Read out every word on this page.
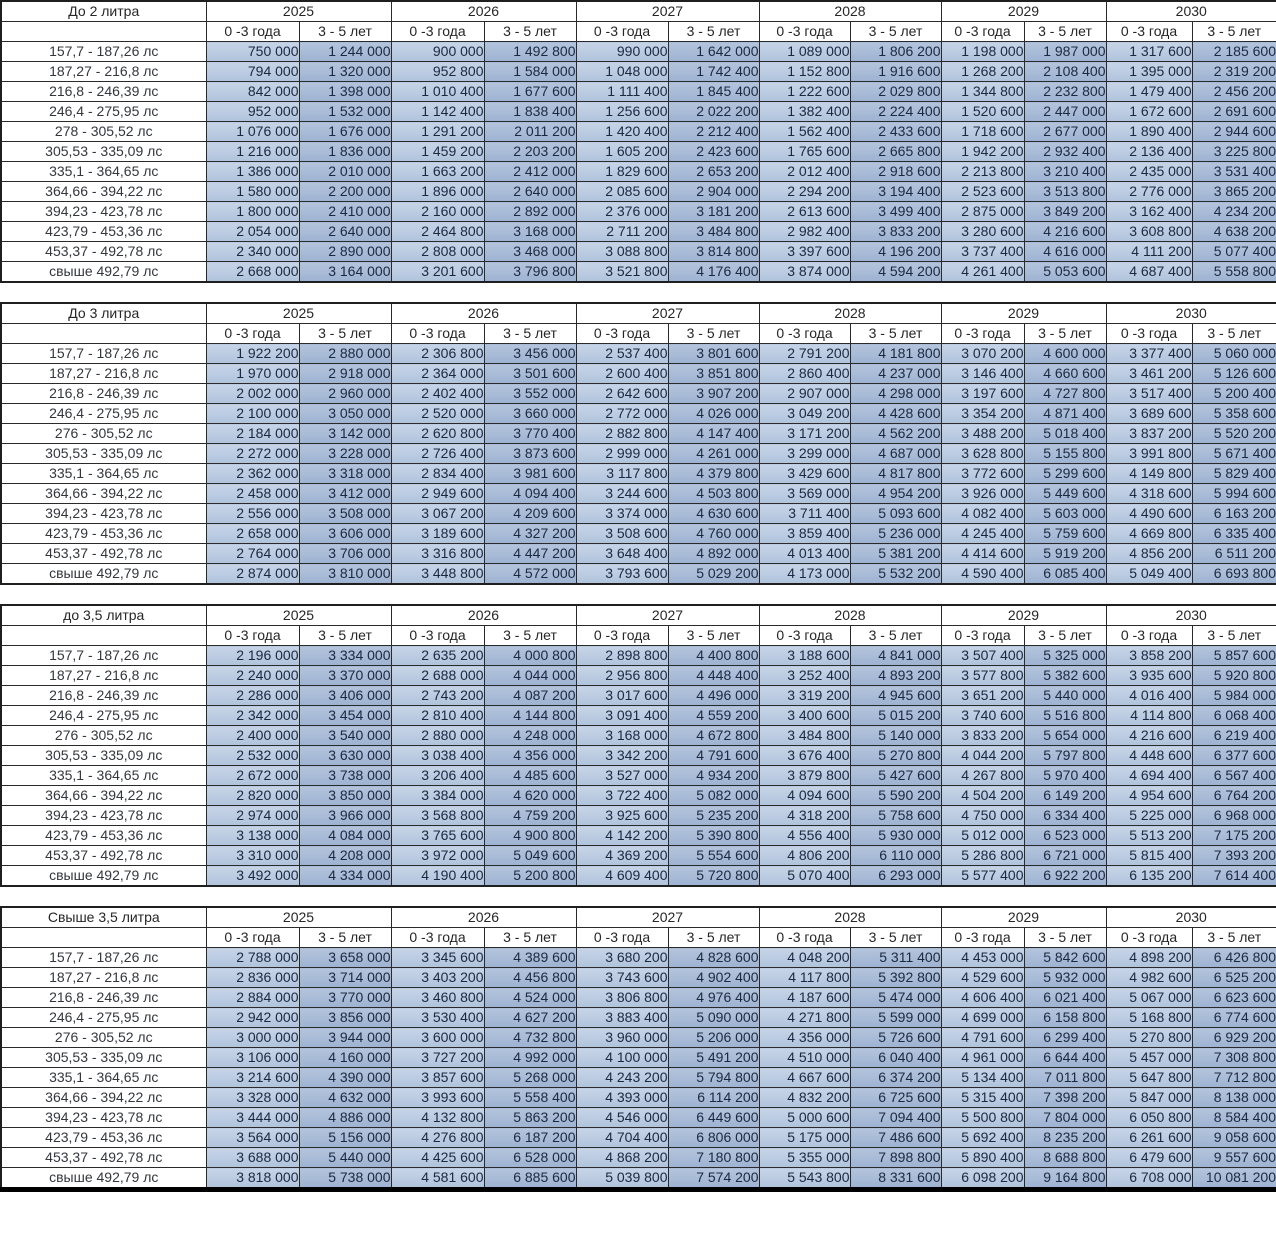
До 2 литра	2025		2026		2027		2028		2029		2030	
	0 -3 года	3 - 5 лет	0 -3 года	3 - 5 лет	0 -3 года	3 - 5 лет	0 -3 года	3 - 5 лет	0 -3 года	3 - 5 лет	0 -3 года	3 - 5 лет
157,7 - 187,26 лс	750 000	1 244 000	900 000	1 492 800	990 000	1 642 000	1 089 000	1 806 200	1 198 000	1 987 000	1 317 600	2 185 600
187,27 - 216,8 лс	794 000	1 320 000	952 800	1 584 000	1 048 000	1 742 400	1 152 800	1 916 600	1 268 200	2 108 400	1 395 000	2 319 200
216,8 - 246,39 лс	842 000	1 398 000	1 010 400	1 677 600	1 111 400	1 845 400	1 222 600	2 029 800	1 344 800	2 232 800	1 479 400	2 456 200
246,4 - 275,95 лс	952 000	1 532 000	1 142 400	1 838 400	1 256 600	2 022 200	1 382 400	2 224 400	1 520 600	2 447 000	1 672 600	2 691 600
278 - 305,52 лс	1 076 000	1 676 000	1 291 200	2 011 200	1 420 400	2 212 400	1 562 400	2 433 600	1 718 600	2 677 000	1 890 400	2 944 600
305,53 - 335,09 лс	1 216 000	1 836 000	1 459 200	2 203 200	1 605 200	2 423 600	1 765 600	2 665 800	1 942 200	2 932 400	2 136 400	3 225 800
335,1 - 364,65 лс	1 386 000	2 010 000	1 663 200	2 412 000	1 829 600	2 653 200	2 012 400	2 918 600	2 213 800	3 210 400	2 435 000	3 531 400
364,66 - 394,22 лс	1 580 000	2 200 000	1 896 000	2 640 000	2 085 600	2 904 000	2 294 200	3 194 400	2 523 600	3 513 800	2 776 000	3 865 200
394,23 - 423,78 лс	1 800 000	2 410 000	2 160 000	2 892 000	2 376 000	3 181 200	2 613 600	3 499 400	2 875 000	3 849 200	3 162 400	4 234 200
423,79 - 453,36 лс	2 054 000	2 640 000	2 464 800	3 168 000	2 711 200	3 484 800	2 982 400	3 833 200	3 280 600	4 216 600	3 608 800	4 638 200
453,37 - 492,78 лс	2 340 000	2 890 000	2 808 000	3 468 000	3 088 800	3 814 800	3 397 600	4 196 200	3 737 400	4 616 000	4 111 200	5 077 400
свыше 492,79 лс	2 668 000	3 164 000	3 201 600	3 796 800	3 521 800	4 176 400	3 874 000	4 594 200	4 261 400	5 053 600	4 687 400	5 558 800
До 3 литра	2025		2026		2027		2028		2029		2030	
	0 -3 года	3 - 5 лет	0 -3 года	3 - 5 лет	0 -3 года	3 - 5 лет	0 -3 года	3 - 5 лет	0 -3 года	3 - 5 лет	0 -3 года	3 - 5 лет
157,7 - 187,26 лс	1 922 200	2 880 000	2 306 800	3 456 000	2 537 400	3 801 600	2 791 200	4 181 800	3 070 200	4 600 000	3 377 400	5 060 000
187,27 - 216,8 лс	1 970 000	2 918 000	2 364 000	3 501 600	2 600 400	3 851 800	2 860 400	4 237 000	3 146 400	4 660 600	3 461 200	5 126 600
216,8 - 246,39 лс	2 002 000	2 960 000	2 402 400	3 552 000	2 642 600	3 907 200	2 907 000	4 298 000	3 197 600	4 727 800	3 517 400	5 200 400
246,4 - 275,95 лс	2 100 000	3 050 000	2 520 000	3 660 000	2 772 000	4 026 000	3 049 200	4 428 600	3 354 200	4 871 400	3 689 600	5 358 600
276 - 305,52 лс	2 184 000	3 142 000	2 620 800	3 770 400	2 882 800	4 147 400	3 171 200	4 562 200	3 488 200	5 018 400	3 837 200	5 520 200
305,53 - 335,09 лс	2 272 000	3 228 000	2 726 400	3 873 600	2 999 000	4 261 000	3 299 000	4 687 000	3 628 800	5 155 800	3 991 800	5 671 400
335,1 - 364,65 лс	2 362 000	3 318 000	2 834 400	3 981 600	3 117 800	4 379 800	3 429 600	4 817 800	3 772 600	5 299 600	4 149 800	5 829 400
364,66 - 394,22 лс	2 458 000	3 412 000	2 949 600	4 094 400	3 244 600	4 503 800	3 569 000	4 954 200	3 926 000	5 449 600	4 318 600	5 994 600
394,23 - 423,78 лс	2 556 000	3 508 000	3 067 200	4 209 600	3 374 000	4 630 600	3 711 400	5 093 600	4 082 400	5 603 000	4 490 600	6 163 200
423,79 - 453,36 лс	2 658 000	3 606 000	3 189 600	4 327 200	3 508 600	4 760 000	3 859 400	5 236 000	4 245 400	5 759 600	4 669 800	6 335 400
453,37 - 492,78 лс	2 764 000	3 706 000	3 316 800	4 447 200	3 648 400	4 892 000	4 013 400	5 381 200	4 414 600	5 919 200	4 856 200	6 511 200
свыше 492,79 лс	2 874 000	3 810 000	3 448 800	4 572 000	3 793 600	5 029 200	4 173 000	5 532 200	4 590 400	6 085 400	5 049 400	6 693 800
до 3,5 литра	2025		2026		2027		2028		2029		2030	
	0 -3 года	3 - 5 лет	0 -3 года	3 - 5 лет	0 -3 года	3 - 5 лет	0 -3 года	3 - 5 лет	0 -3 года	3 - 5 лет	0 -3 года	3 - 5 лет
157,7 - 187,26 лс	2 196 000	3 334 000	2 635 200	4 000 800	2 898 800	4 400 800	3 188 600	4 841 000	3 507 400	5 325 000	3 858 200	5 857 600
187,27 - 216,8 лс	2 240 000	3 370 000	2 688 000	4 044 000	2 956 800	4 448 400	3 252 400	4 893 200	3 577 800	5 382 600	3 935 600	5 920 800
216,8 - 246,39 лс	2 286 000	3 406 000	2 743 200	4 087 200	3 017 600	4 496 000	3 319 200	4 945 600	3 651 200	5 440 000	4 016 400	5 984 000
246,4 - 275,95 лс	2 342 000	3 454 000	2 810 400	4 144 800	3 091 400	4 559 200	3 400 600	5 015 200	3 740 600	5 516 800	4 114 800	6 068 400
276 - 305,52 лс	2 400 000	3 540 000	2 880 000	4 248 000	3 168 000	4 672 800	3 484 800	5 140 000	3 833 200	5 654 000	4 216 600	6 219 400
305,53 - 335,09 лс	2 532 000	3 630 000	3 038 400	4 356 000	3 342 200	4 791 600	3 676 400	5 270 800	4 044 200	5 797 800	4 448 600	6 377 600
335,1 - 364,65 лс	2 672 000	3 738 000	3 206 400	4 485 600	3 527 000	4 934 200	3 879 800	5 427 600	4 267 800	5 970 400	4 694 400	6 567 400
364,66 - 394,22 лс	2 820 000	3 850 000	3 384 000	4 620 000	3 722 400	5 082 000	4 094 600	5 590 200	4 504 200	6 149 200	4 954 600	6 764 200
394,23 - 423,78 лс	2 974 000	3 966 000	3 568 800	4 759 200	3 925 600	5 235 200	4 318 200	5 758 600	4 750 000	6 334 400	5 225 000	6 968 000
423,79 - 453,36 лс	3 138 000	4 084 000	3 765 600	4 900 800	4 142 200	5 390 800	4 556 400	5 930 000	5 012 000	6 523 000	5 513 200	7 175 200
453,37 - 492,78 лс	3 310 000	4 208 000	3 972 000	5 049 600	4 369 200	5 554 600	4 806 200	6 110 000	5 286 800	6 721 000	5 815 400	7 393 200
свыше 492,79 лс	3 492 000	4 334 000	4 190 400	5 200 800	4 609 400	5 720 800	5 070 400	6 293 000	5 577 400	6 922 200	6 135 200	7 614 400
Свыше 3,5 литра	2025		2026		2027		2028		2029		2030	
	0 -3 года	3 - 5 лет	0 -3 года	3 - 5 лет	0 -3 года	3 - 5 лет	0 -3 года	3 - 5 лет	0 -3 года	3 - 5 лет	0 -3 года	3 - 5 лет
157,7 - 187,26 лс	2 788 000	3 658 000	3 345 600	4 389 600	3 680 200	4 828 600	4 048 200	5 311 400	4 453 000	5 842 600	4 898 200	6 426 800
187,27 - 216,8 лс	2 836 000	3 714 000	3 403 200	4 456 800	3 743 600	4 902 400	4 117 800	5 392 800	4 529 600	5 932 000	4 982 600	6 525 200
216,8 - 246,39 лс	2 884 000	3 770 000	3 460 800	4 524 000	3 806 800	4 976 400	4 187 600	5 474 000	4 606 400	6 021 400	5 067 000	6 623 600
246,4 - 275,95 лс	2 942 000	3 856 000	3 530 400	4 627 200	3 883 400	5 090 000	4 271 800	5 599 000	4 699 000	6 158 800	5 168 800	6 774 600
276 - 305,52 лс	3 000 000	3 944 000	3 600 000	4 732 800	3 960 000	5 206 000	4 356 000	5 726 600	4 791 600	6 299 400	5 270 800	6 929 200
305,53 - 335,09 лс	3 106 000	4 160 000	3 727 200	4 992 000	4 100 000	5 491 200	4 510 000	6 040 400	4 961 000	6 644 400	5 457 000	7 308 800
335,1 - 364,65 лс	3 214 600	4 390 000	3 857 600	5 268 000	4 243 200	5 794 800	4 667 600	6 374 200	5 134 400	7 011 800	5 647 800	7 712 800
364,66 - 394,22 лс	3 328 000	4 632 000	3 993 600	5 558 400	4 393 000	6 114 200	4 832 200	6 725 600	5 315 400	7 398 200	5 847 000	8 138 000
394,23 - 423,78 лс	3 444 000	4 886 000	4 132 800	5 863 200	4 546 000	6 449 600	5 000 600	7 094 400	5 500 800	7 804 000	6 050 800	8 584 400
423,79 - 453,36 лс	3 564 000	5 156 000	4 276 800	6 187 200	4 704 400	6 806 000	5 175 000	7 486 600	5 692 400	8 235 200	6 261 600	9 058 600
453,37 - 492,78 лс	3 688 000	5 440 000	4 425 600	6 528 000	4 868 200	7 180 800	5 355 000	7 898 800	5 890 400	8 688 800	6 479 600	9 557 600
свыше 492,79 лс	3 818 000	5 738 000	4 581 600	6 885 600	5 039 800	7 574 200	5 543 800	8 331 600	6 098 200	9 164 800	6 708 000	10 081 200
